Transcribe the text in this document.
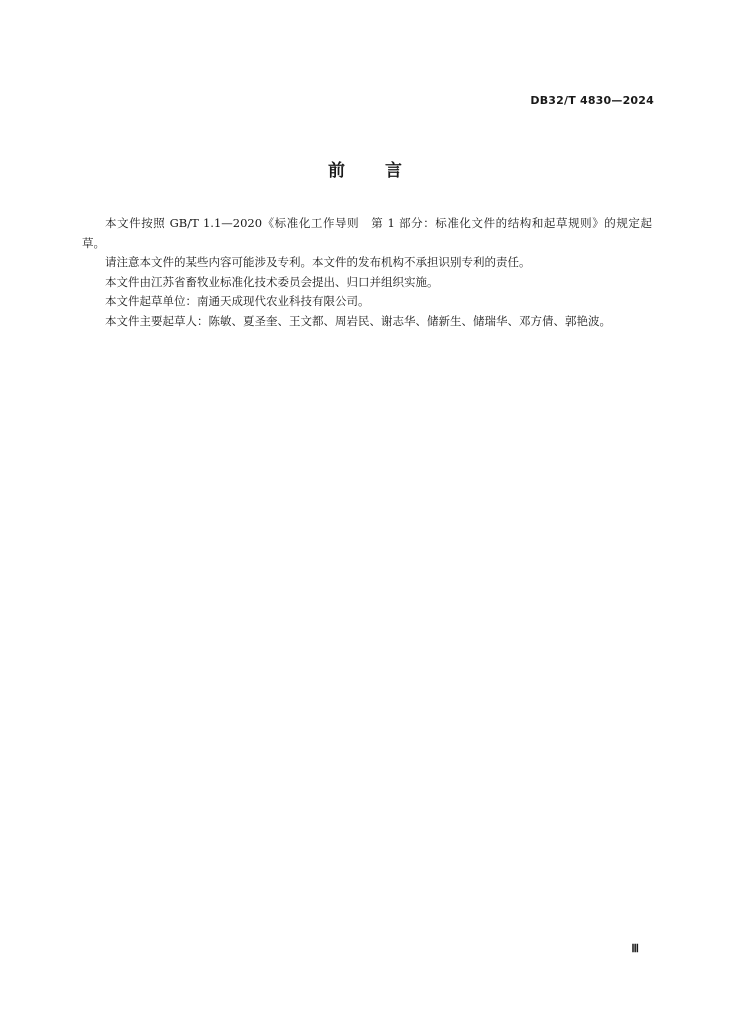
DB32/T 4830—2024
前 言

本文件按照 GB/T 1.1—2020《标准化工作导则　第 1 部分：标准化文件的结构和起草规则》的规定起草。

请注意本文件的某些内容可能涉及专利。本文件的发布机构不承担识别专利的责任。

本文件由江苏省畜牧业标准化技术委员会提出、归口并组织实施。

本文件起草单位：南通天成现代农业科技有限公司。

本文件主要起草人：陈敏、夏圣奎、王文都、周岩民、谢志华、储新生、储瑞华、邓方倩、郭艳波。

Ⅲ
